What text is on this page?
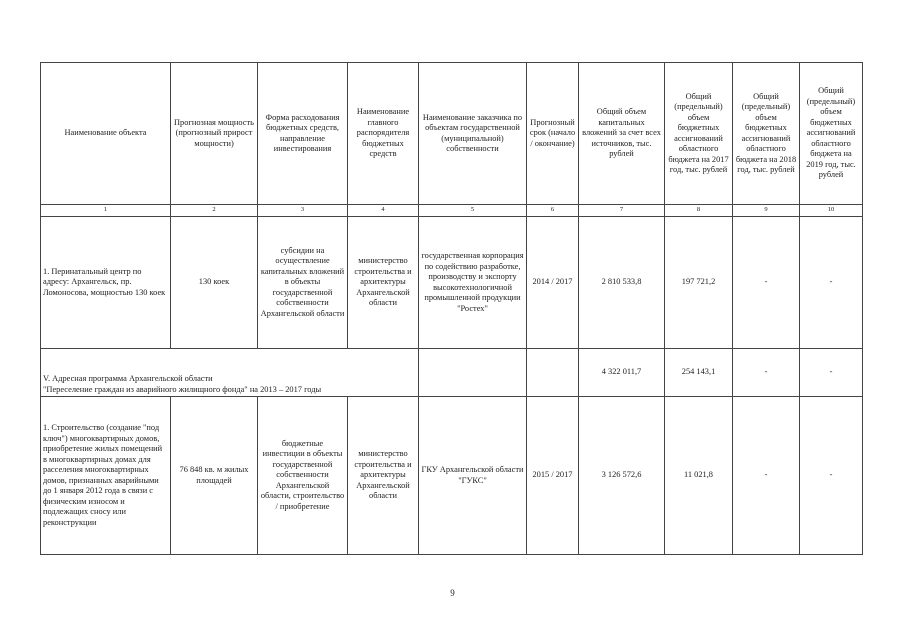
Наименование объекта	Прогнозная мощность (прогнозный прирост мощности)	Форма расходования бюджетных средств, направление инвестирования	Наименование главного распорядителя бюджетных средств	Наименование заказчика по объектам государственной (муниципальной) собственности	Прогнозный срок (начало / окончание)	Общий объем капитальных вложений за счет всех источников, тыс. рублей	Общий (предельный) объем бюджетных ассигнований областного бюджета на 2017 год, тыс. рублей	Общий (предельный) объем бюджетных ассигнований областного бюджета на 2018 год, тыс. рублей	Общий (предельный) объем бюджетных ассигнований областного бюджета на 2019 год, тыс. рублей
1	2	3	4	5	6	7	8	9	10
1. Перинатальный центр по адресу: Архангельск, пр. Ломоносова, мощностью 130 коек	130 коек	субсидии на осуществление капитальных вложений в объекты государственной собственности Архангельской области	министерство строительства и архитектуры Архангельской области	государственная корпорация по содействию разработке, производству и экспорту высокотехнологичной промышленной продукции "Ростех"	2014 / 2017	2 810 533,8	197 721,2	-	-

V. Адресная программа Архангельской области
"Переселение граждан из аварийного жилищного фонда" на 2013 – 2017 годы						4 322 011,7	254 143,1	-	-
1. Строительство (создание "под ключ") многоквартирных домов, приобретение жилых помещений в многоквартирных домах для расселения многоквартирных домов, признанных аварийными до 1 января 2012 года в связи с физическим износом и подлежащих сносу или реконструкции	76 848 кв. м жилых площадей	бюджетные инвестиции в объекты государственной собственности Архангельской области, строительство / приобретение	министерство строительства и архитектуры Архангельской области	ГКУ Архангельской области "ГУКС"	2015 / 2017	3 126 572,6	11 021,8	-	-
9
